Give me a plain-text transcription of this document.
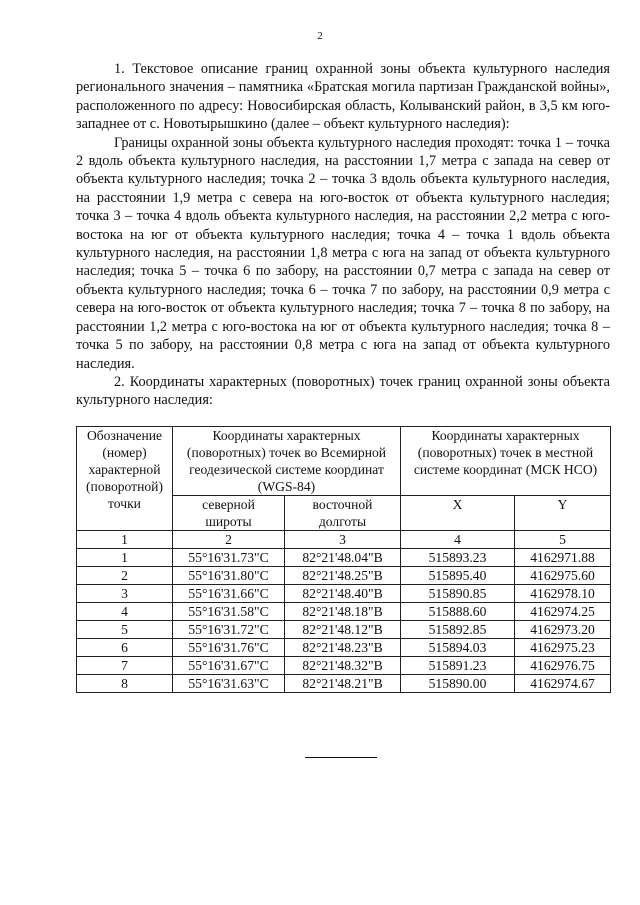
2

1. Текстовое описание границ охранной зоны объекта культурного наследия регионального значения – памятника «Братская могила партизан Гражданской войны», расположенного по адресу: Новосибирская область, Колыванский район, в 3,5 км юго-западнее от с. Новотырышкино (далее – объект культурного наследия):

Границы охранной зоны объекта культурного наследия проходят: точка 1 – точка 2 вдоль объекта культурного наследия, на расстоянии 1,7 метра с запада на север от объекта культурного наследия; точка 2 – точка 3 вдоль объекта культурного наследия, на расстоянии 1,9 метра с севера на юго-восток от объекта культурного наследия; точка 3 – точка 4 вдоль объекта культурного наследия, на расстоянии 2,2 метра с юго-востока на юг от объекта культурного наследия; точка 4 – точка 1 вдоль объекта культурного наследия, на расстоянии 1,8 метра с юга на запад от объекта культурного наследия; точка 5 – точка 6 по забору, на расстоянии 0,7 метра с запада на север от объекта культурного наследия; точка 6 – точка 7 по забору, на расстоянии 0,9 метра с севера на юго-восток от объекта культурного наследия; точка 7 – точка 8 по забору, на расстоянии 1,2 метра с юго-востока на юг от объекта культурного наследия; точка 8 – точка 5 по забору, на расстоянии 0,8 метра с юга на запад от объекта культурного наследия.

2. Координаты характерных (поворотных) точек границ охранной зоны объекта культурного наследия:

Обозначение (номер) характерной (поворотной) точки	Координаты характерных (поворотных) точек во Всемирной геодезической системе координат (WGS-84)		Координаты характерных (поворотных) точек в местной системе координат (МСК НСО)	
	северной широты	восточной долготы	X	Y
1	2	3	4	5
1	55°16'31.73"С	82°21'48.04"В	515893.23	4162971.88
2	55°16'31.80"С	82°21'48.25"В	515895.40	4162975.60
3	55°16'31.66"С	82°21'48.40"В	515890.85	4162978.10
4	55°16'31.58"С	82°21'48.18"В	515888.60	4162974.25
5	55°16'31.72"С	82°21'48.12"В	515892.85	4162973.20
6	55°16'31.76"С	82°21'48.23"В	515894.03	4162975.23
7	55°16'31.67"С	82°21'48.32"В	515891.23	4162976.75
8	55°16'31.63"С	82°21'48.21"В	515890.00	4162974.67
